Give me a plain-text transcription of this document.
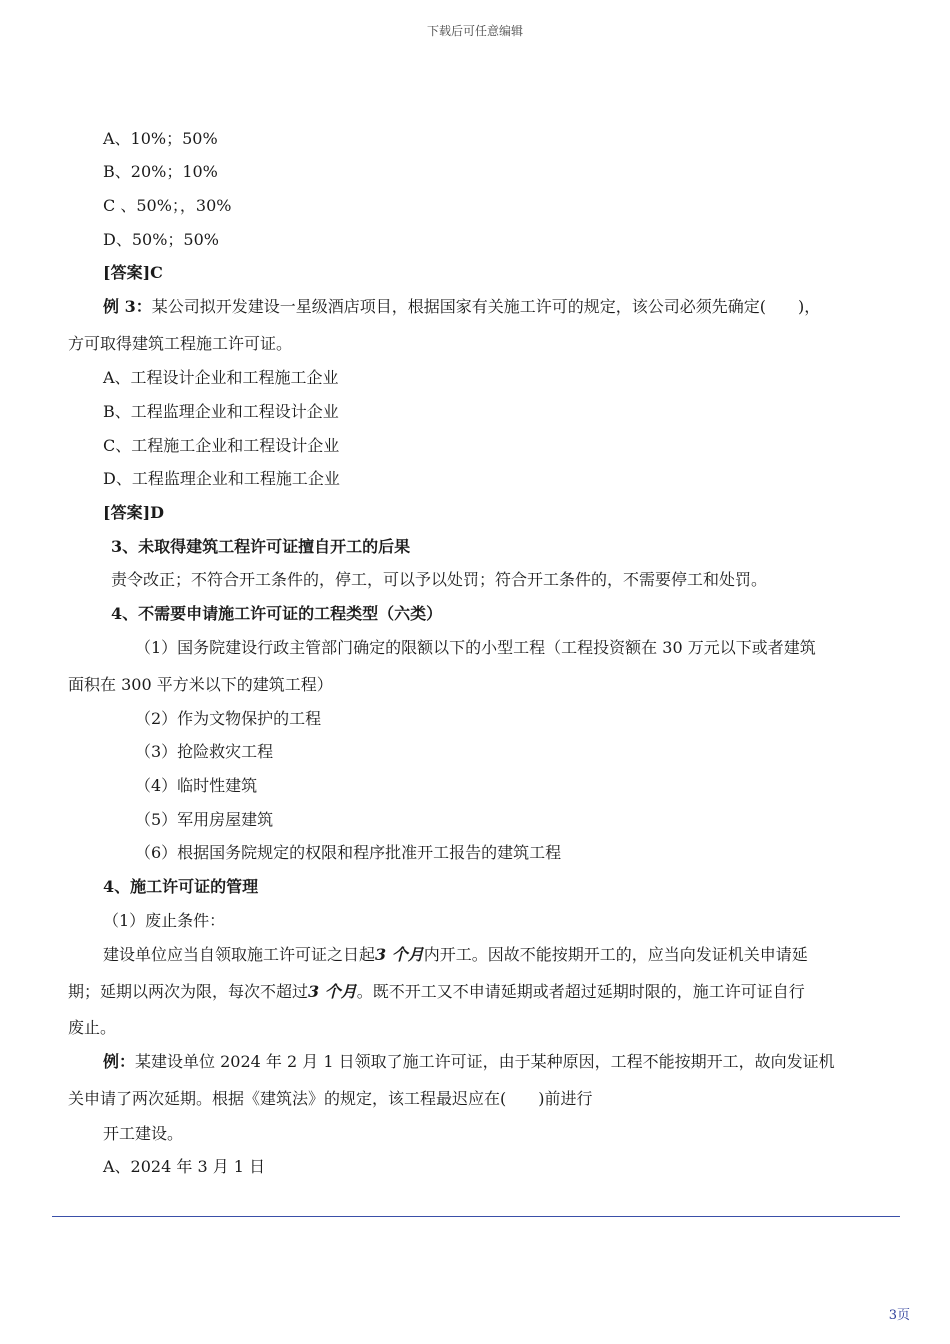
下载后可任意编辑
A、10%；50%
B、20%；10%
C 、50%；，30%
D、50%；50%
[答案]C
例 3：某公司拟开发建设一星级酒店项目，根据国家有关施工许可的规定，该公司必须先确定(　　)，
方可取得建筑工程施工许可证。
A、工程设计企业和工程施工企业
B、工程监理企业和工程设计企业
C、工程施工企业和工程设计企业
D、工程监理企业和工程施工企业
[答案]D
3、未取得建筑工程许可证擅自开工的后果
责令改正；不符合开工条件的，停工，可以予以处罚；符合开工条件的，不需要停工和处罚。
4、不需要申请施工许可证的工程类型（六类）
（1）国务院建设行政主管部门确定的限额以下的小型工程（工程投资额在 30 万元以下或者建筑
面积在 300 平方米以下的建筑工程）
（2）作为文物保护的工程
（3）抢险救灾工程
（4）临时性建筑
（5）军用房屋建筑
（6）根据国务院规定的权限和程序批准开工报告的建筑工程
4、施工许可证的管理
（1）废止条件：
建设单位应当自领取施工许可证之日起3 个月内开工。因故不能按期开工的，应当向发证机关申请延
期；延期以两次为限，每次不超过3 个月。既不开工又不申请延期或者超过延期时限的，施工许可证自行
废止。
例：某建设单位 2024 年 2 月 1 日领取了施工许可证，由于某种原因，工程不能按期开工，故向发证机
关申请了两次延期。根据《建筑法》的规定，该工程最迟应在(　　)前进行
开工建设。
A、2024 年 3 月 1 日
3页
